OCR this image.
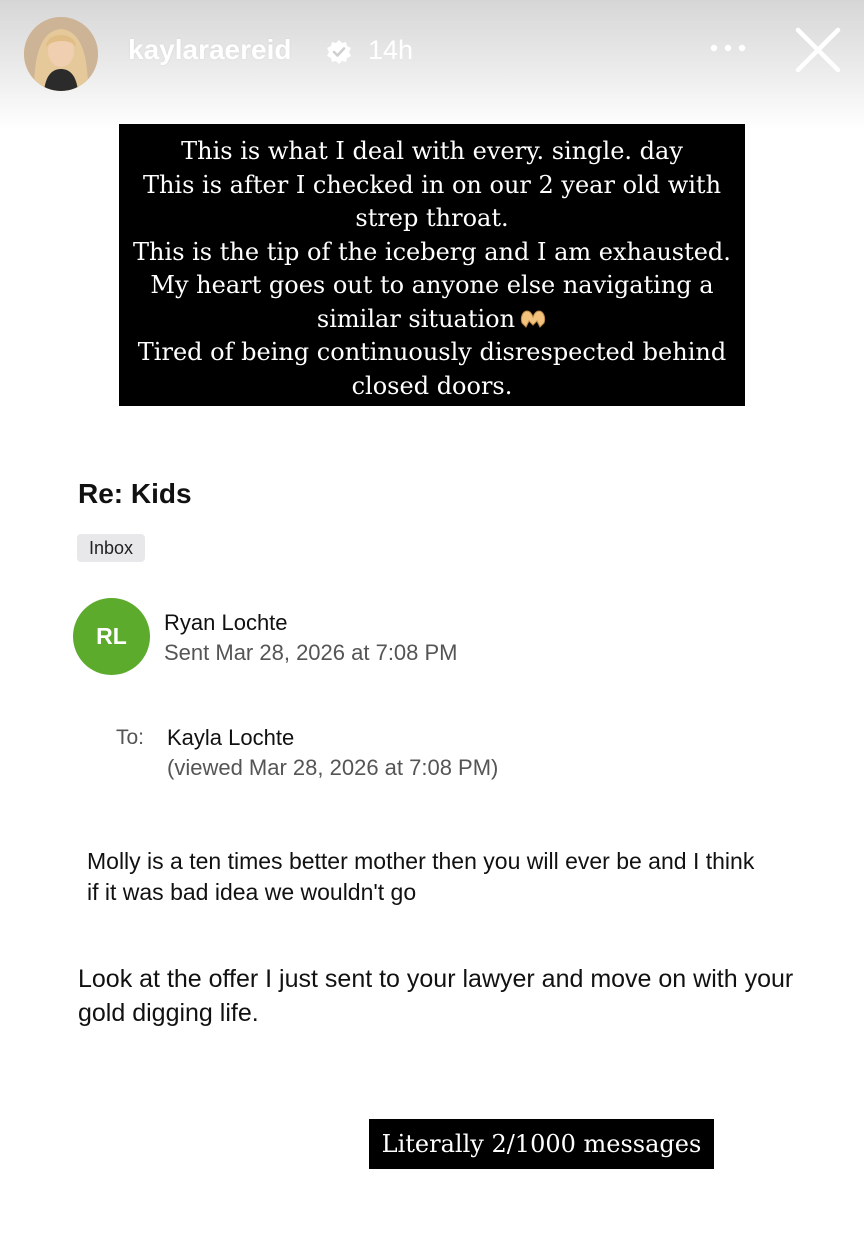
kaylaraereid	14h
This is what I deal with every. single. day
This is after I checked in on our 2 year old with
strep throat.
This is the tip of the iceberg and I am exhausted.
My heart goes out to anyone else navigating a
similar situation
Tired of being continuously disrespected behind
closed doors.
Re: Kids
Inbox
RL
Ryan Lochte
Sent Mar 28, 2026 at 7:08 PM
To: Kayla Lochte
(viewed Mar 28, 2026 at 7:08 PM)
Molly is a ten times better mother then you will ever be and I think if it was bad idea we wouldn't go
Look at the offer I just sent to your lawyer and move on with your gold digging life.
Literally 2/1000 messages
